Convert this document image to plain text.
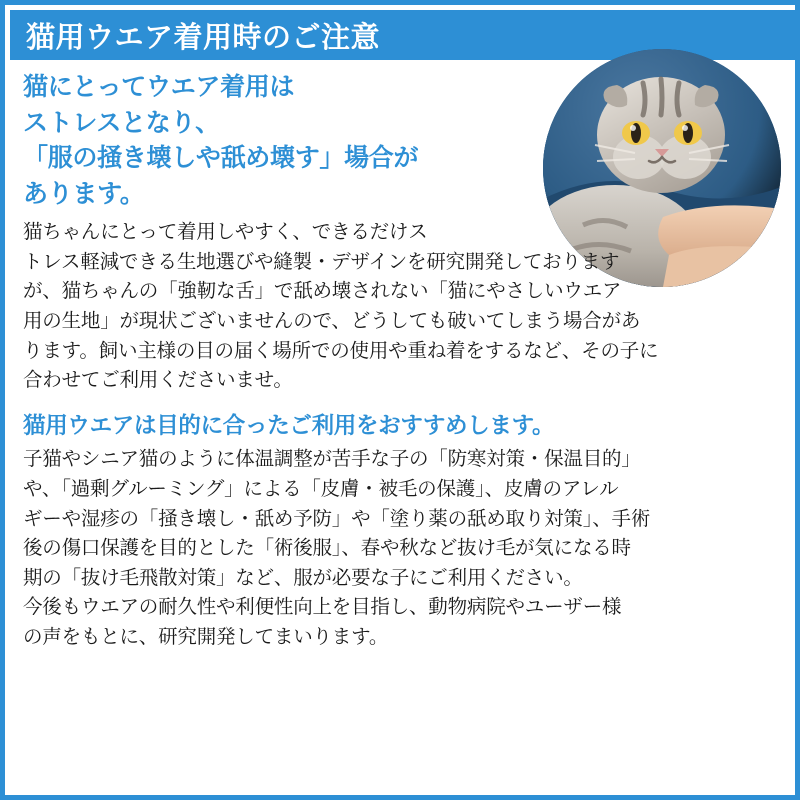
猫用ウエア着用時のご注意
猫にとってウエア着用は
ストレスとなり、
「服の掻き壊しや舐め壊す」場合が
あります。

猫ちゃんにとって着用しやすく、できるだけス
トレス軽減できる生地選びや縫製・デザインを研究開発しております
が、猫ちゃんの「強靭な舌」で舐め壊されない「猫にやさしいウエア
用の生地」が現状ございませんので、どうしても破いてしまう場合があ
ります。飼い主様の目の届く場所での使用や重ね着をするなど、その子に
合わせてご利用くださいませ。

猫用ウエアは目的に合ったご利用をおすすめします。

子猫やシニア猫のように体温調整が苦手な子の「防寒対策・保温目的」
や、「過剰グルーミング」による「皮膚・被毛の保護」、皮膚のアレル
ギーや湿疹の「掻き壊し・舐め予防」や「塗り薬の舐め取り対策」、手術
後の傷口保護を目的とした「術後服」、春や秋など抜け毛が気になる時
期の「抜け毛飛散対策」など、服が必要な子にご利用ください。

今後もウエアの耐久性や利便性向上を目指し、動物病院やユーザー様
の声をもとに、研究開発してまいります。
